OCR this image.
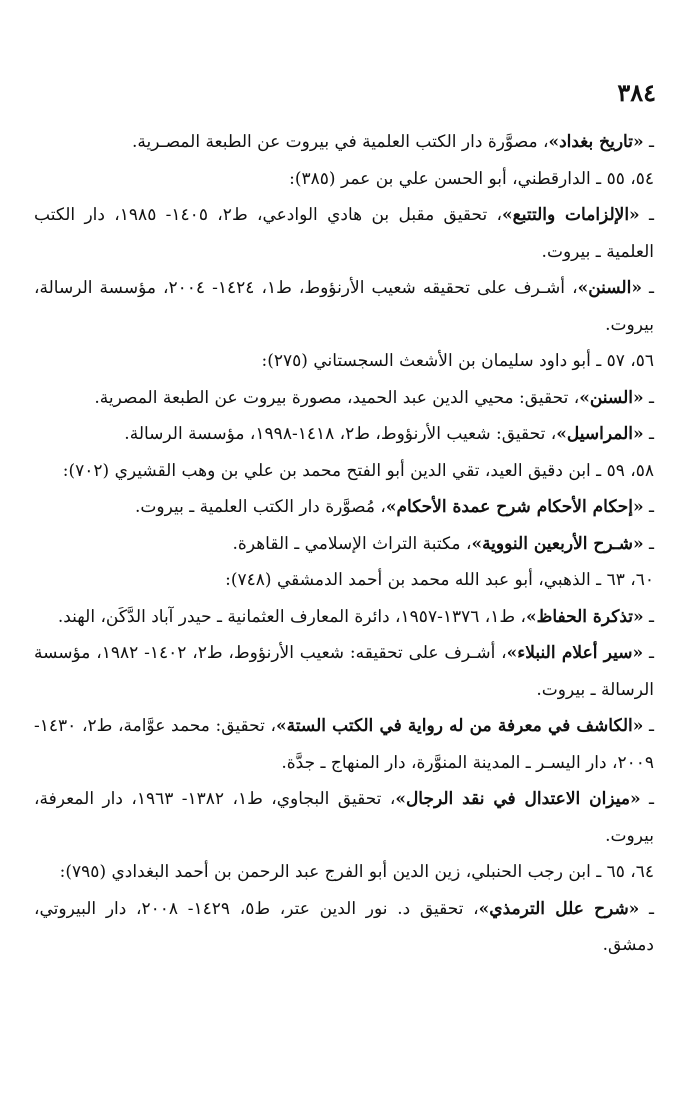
٣٨٤

ـ «تاريخ بغداد»، مصوَّرة دار الكتب العلمية في بيروت عن الطبعة المصـرية.

٥٤، ٥٥ ـ الدارقطني، أبو الحسن علي بن عمر (٣٨٥):

ـ «الإلزامات والتتبع»، تحقيق مقبل بن هادي الوادعي، ط٢، ١٤٠٥- ١٩٨٥، دار الكتب العلمية ـ بيروت.

ـ «السنن»، أشـرف على تحقيقه شعيب الأرنؤوط، ط١، ١٤٢٤- ٢٠٠٤، مؤسسة الرسالة، بيروت.

٥٦، ٥٧ ـ أبو داود سليمان بن الأشعث السجستاني (٢٧٥):

ـ «السنن»، تحقيق: محيي الدين عبد الحميد، مصورة بيروت عن الطبعة المصرية.

ـ «المراسيل»، تحقيق: شعيب الأرنؤوط، ط٢، ١٤١٨-١٩٩٨، مؤسسة الرسالة.

٥٨، ٥٩ ـ ابن دقيق العيد، تقي الدين أبو الفتح محمد بن علي بن وهب القشيري (٧٠٢):

ـ «إحكام الأحكام شرح عمدة الأحكام»، مُصوَّرة دار الكتب العلمية ـ بيروت.

ـ «شـرح الأربعين النووية»، مكتبة التراث الإسلامي ـ القاهرة.

٦٠، ٦٣ ـ الذهبي، أبو عبد الله محمد بن أحمد الدمشقي (٧٤٨):

ـ «تذكرة الحفاظ»، ط١، ١٣٧٦-١٩٥٧، دائرة المعارف العثمانية ـ حيدر آباد الدَّكَن، الهند.

ـ «سير أعلام النبلاء»، أشـرف على تحقيقه: شعيب الأرنؤوط، ط٢، ١٤٠٢- ١٩٨٢، مؤسسة الرسالة ـ بيروت.

ـ «الكاشف في معرفة من له رواية في الكتب الستة»، تحقيق: محمد عوَّامة، ط٢، ١٤٣٠- ٢٠٠٩، دار اليسـر ـ المدينة المنوَّرة، دار المنهاج ـ جدَّة.

ـ «ميزان الاعتدال في نقد الرجال»، تحقيق البجاوي، ط١، ١٣٨٢- ١٩٦٣، دار المعرفة، بيروت.

٦٤، ٦٥ ـ ابن رجب الحنبلي، زين الدين أبو الفرج عبد الرحمن بن أحمد البغدادي (٧٩٥):

ـ «شرح علل الترمذي»، تحقيق د. نور الدين عتر، ط٥، ١٤٢٩- ٢٠٠٨، دار البيروتي، دمشق.
